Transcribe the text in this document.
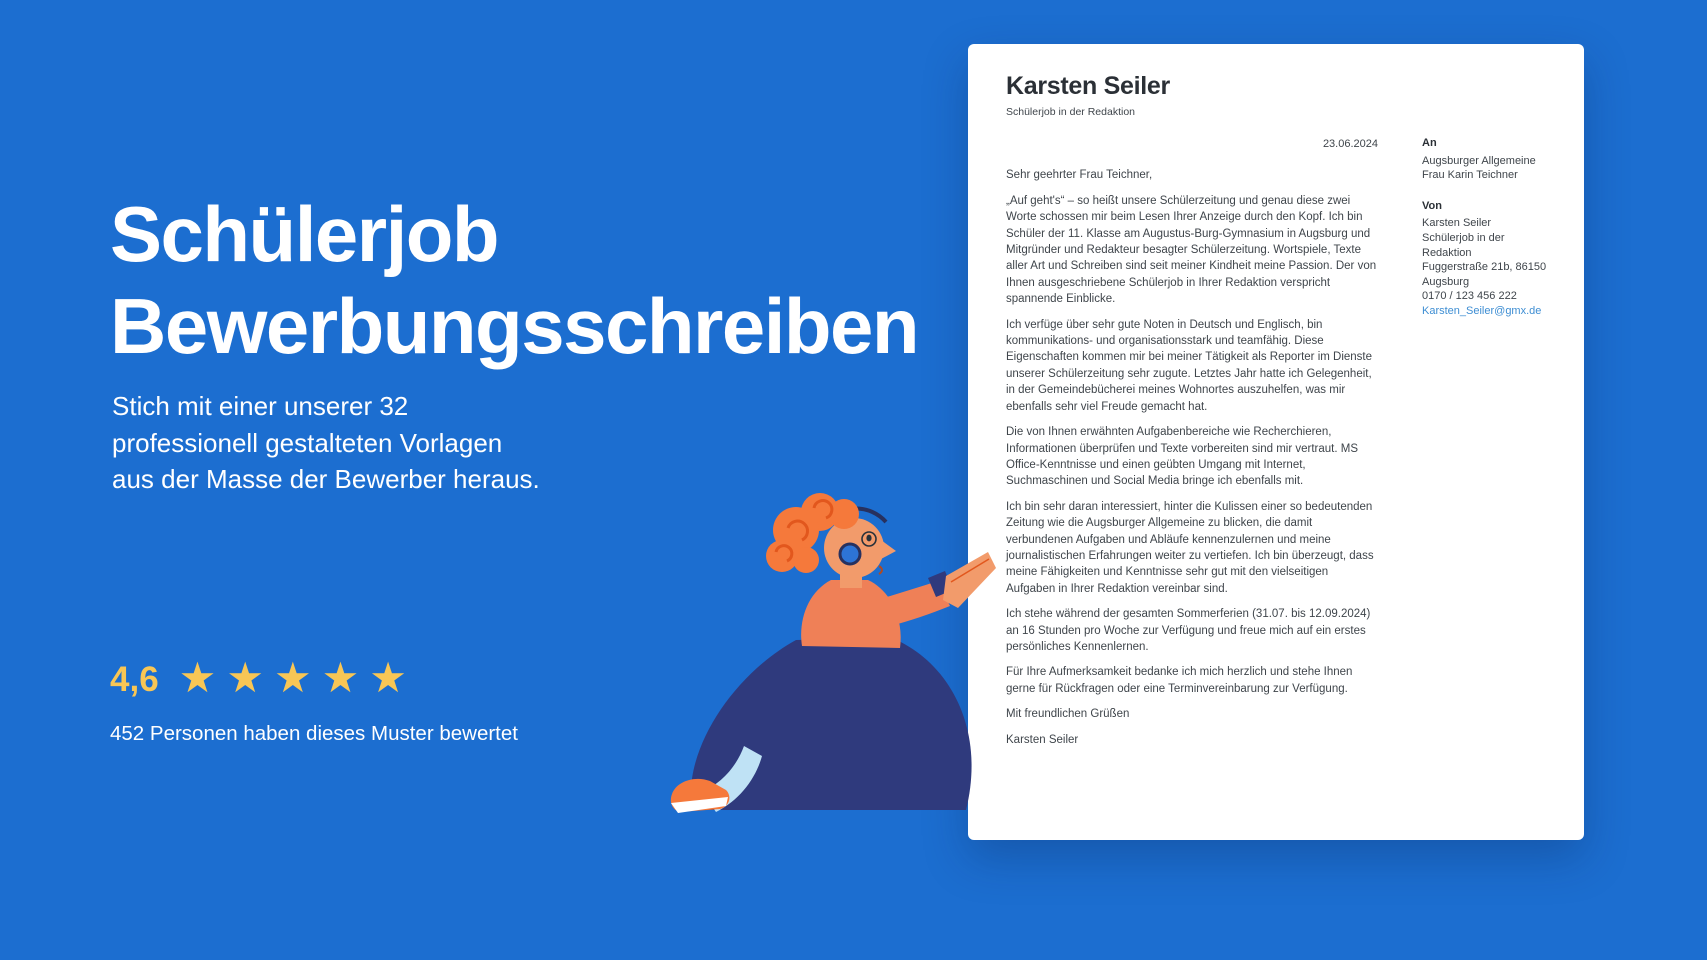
Schülerjob
Bewerbungsschreiben
Stich mit einer unserer 32
professionell gestalteten Vorlagen
aus der Masse der Bewerber heraus.
4,6 ★★★★★
452 Personen haben dieses Muster bewertet
Karsten Seiler
Schülerjob in der Redaktion
23.06.2024

Sehr geehrter Frau Teichner,

„Auf geht's“ – so heißt unsere Schülerzeitung und genau diese zwei Worte schossen mir beim Lesen Ihrer Anzeige durch den Kopf. Ich bin Schüler der 11. Klasse am Augustus-Burg-Gymnasium in Augsburg und Mitgründer und Redakteur besagter Schülerzeitung. Wortspiele, Texte aller Art und Schreiben sind seit meiner Kindheit meine Passion. Der von Ihnen ausgeschriebene Schülerjob in Ihrer Redaktion verspricht spannende Einblicke.

Ich verfüge über sehr gute Noten in Deutsch und Englisch, bin kommunikations- und organisationsstark und teamfähig. Diese Eigenschaften kommen mir bei meiner Tätigkeit als Reporter im Dienste unserer Schülerzeitung sehr zugute. Letztes Jahr hatte ich Gelegenheit, in der Gemeindebücherei meines Wohnortes auszuhelfen, was mir ebenfalls sehr viel Freude gemacht hat.

Die von Ihnen erwähnten Aufgabenbereiche wie Recherchieren, Informationen überprüfen und Texte vorbereiten sind mir vertraut. MS Office-Kenntnisse und einen geübten Umgang mit Internet, Suchmaschinen und Social Media bringe ich ebenfalls mit.

Ich bin sehr daran interessiert, hinter die Kulissen einer so bedeutenden Zeitung wie die Augsburger Allgemeine zu blicken, die damit verbundenen Aufgaben und Abläufe kennenzulernen und meine journalistischen Erfahrungen weiter zu vertiefen. Ich bin überzeugt, dass meine Fähigkeiten und Kenntnisse sehr gut mit den vielseitigen Aufgaben in Ihrer Redaktion vereinbar sind.

Ich stehe während der gesamten Sommerferien (31.07. bis 12.09.2024) an 16 Stunden pro Woche zur Verfügung und freue mich auf ein erstes persönliches Kennenlernen.

Für Ihre Aufmerksamkeit bedanke ich mich herzlich und stehe Ihnen gerne für Rückfragen oder eine Terminvereinbarung zur Verfügung.

Mit freundlichen Grüßen

Karsten Seiler

An
Augsburger Allgemeine
Frau Karin Teichner
Von
Karsten Seiler
Schülerjob in der
Redaktion
Fuggerstraße 21b, 86150
Augsburg
0170 / 123 456 222
Karsten_Seiler@gmx.de
